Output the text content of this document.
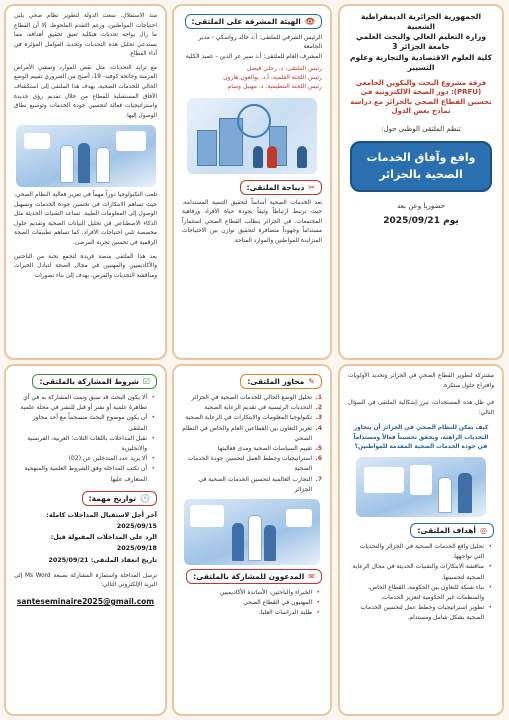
الجمهورية الجزائرية الديمقراطية الشعبية
وزارة التعليم العالي والبحث العلمي
جامعة الجزائر 3
كلية العلوم الاقتصادية والتجارية وعلوم التسيير
فرقة مشروع البحث والتكوين الجامعي (PRFU): دور الصحة الالكترونية في تحسين القطاع الصحي بالجزائر مع دراسة نماذج بعض الدول
تنظم الملتقى الوطني حول:
واقع وآفاق الخدمات الصحية بالجزائر
حضوريا وعن بعد
يوم 2025/09/21
👁
الهيئة المشرفة على الملتقى:
الرئيس الشرفي للملتقى: أ.د خالد رواسكي - مدير الجامعة
المشرف العام للملتقى: أ.د سير عز الدين - عميد الكلية
رئيس الملتقى: د. رحلي فيصل
رئيس اللجنة العلمية: أ.د. بوالعون هارون
رئيس اللجنة التنظيمية: د. مهبيل وسام
✂
ديباجة الملتقى:
تعد الخدمات الصحية أساساً لتحقيق التنمية المستدامة، حيث ترتبط ارتباطاً وثيقاً بجودة حياة الأفراد ورفاهية المجتمعات. في الجزائر يتطلب القطاع الصحي استثماراً مستداماً وجهوداً متضافرة لتحقيق توازن بين الاحتياجات المتزايدة للمواطنين والموارد المتاحة.
منذ الاستقلال، سعت الدولة لتطوير نظام صحي يلبي احتياجات المواطنين، ورغم التقدم الملحوظ، إلا أن القطاع ما زال يواجه تحديات هيكلية تعيق تحقيق أهدافه، مما يستدعي تحليل هذه التحديات وتحديد العوامل المؤثرة في أداء القطاع.
مع تزايد التحديات، مثل نقص الموارد وتفشي الأمراض المزمنة وجائحة كوفيد- 19، أصبح من الضروري تقييم الوضع الحالي للخدمات الصحية، يهدف هذا الملتقى إلى استكشاف الآفاق المستقبلية للقطاع من خلال تقديم رؤى جديدة واستراتيجيات فعالة لتحسين جودة الخدمات وتوسيع نطاق الوصول إليها.
تلعب التكنولوجيا دوراً مهماً في تعزيز فعالية النظام الصحي، حيث تساهم الابتكارات في تحسين جودة الخدمات وتسهيل الوصول إلى المعلومات الطبية. تساعد التقنيات الحديثة مثل الذكاء الاصطناعي في تحليل البيانات الصحية وتقديم حلول مخصصة تلبي احتياجات الأفراد، كما تساهم تطبيقات الصحة الرقمية في تحسين تجربة المرضى.
يعد هذا الملتقى منصة فريدة لتجمع نخبة من الباحثين والأكاديميين والمهنيين في مجال الصحة لتبادل الخبرات ومناقشة التحديات والفرص، بهدف إلى بناء تصورات
مشتركة لتطوير القطاع الصحي في الجزائر وتحديد الأولويات وافتراح حلول مبتكرة.
في ظل هذه المستجدات، تبرز إشكالية الملتقى في السؤال التالي:
كيف يمكن للنظام الصحي في الجزائر أن يتجاوز التحديات الراهنة، ويحقق تحسيناً فعالاً ومستداماً في جودة الخدمات الصحية المقدمة للمواطنين؟
◎
أهداف الملتقى:
• تحليل واقع الخدمات الصحية في الجزائر والتحديات التي تواجهها.
• مناقشة الابتكارات والتقنيات الحديثة في مجال الرعاية الصحية لتحسينها.
• بناء شبكة للتعاون بين الحكومة، القطاع الخاص، والمنظمات غير الحكومية لتعزيز الخدمات.
• تطوير استراتيجيات وخطط عمل لتحسين الخدمات الصحية بشكل شامل ومستدام.
✎
محاور الملتقى:
تحليل الوضع الحالي للخدمات الصحية في الجزائر
التحديات الرئيسية في تقديم الرعاية الصحية
تكنولوجيا المعلومات والابتكارات في الرعاية الصحية
تعزيز التعاون بين القطاعين العام والخاص في النظام الصحي
تقييم السياسات الصحية ومدى فعاليتها
استراتيجيات وخطط العمل لتحسين جودة الخدمات الصحية
التجارب العالمية لتحسين الخدمات الصحية في الجزائر
✉
المدعوون للمشاركة بالملتقى:
• الخبراء والباحثين، الأساتذة الأكاديميين
• المهنيون في القطاع الصحي
• طلبة الدراسات العليا.
☑
شروط المشاركة بالملتقى:
• ألا يكون البحث قد سبق وتمت المشاركة به في أي تظاهرة علمية أو نشر أو قبل للنشر في مجلة علمية
• أن يكون موضوع البحث منسجماً مع أحد محاور الملتقى
• تقبل المداخلات باللغات الثلاث: العربية، الفرنسية والانجليزية
• ألا يزيد عدد المتدخلين عن (02)
• أن تكتب المداخلة وفق الشروط العلمية والمنهجية المتعارف عليها
🕑
تواريخ مهمة:
آخر أجل لاستقبال المداخلات كاملة: 2025/09/15
الرد على المداخلات المقبولة قبل: 2025/09/18
تاريخ انعقاد الملتقى: 2025/09/21
ترسل المداخلة واستمارة المشاركة بصيغة Ms Word إلى البريد الإلكتروني التالي:
santeseminaire2025@gmail.com
